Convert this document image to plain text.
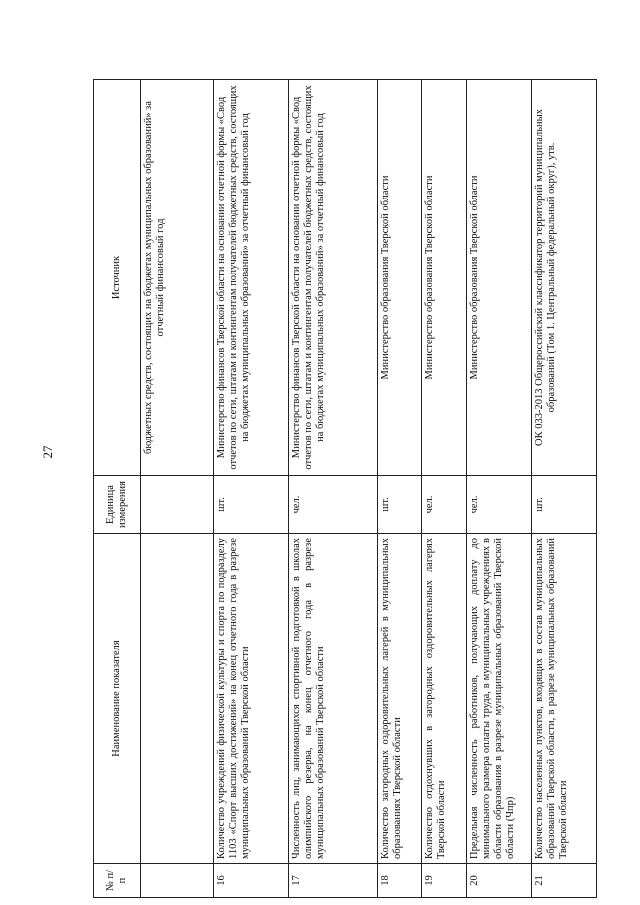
27
№ п/п	Наименование показателя	Единица измерения	Источник
			бюджетных средств, состоящих на бюджетах муниципальных образований» за отчетный финансовый год
16	Количество учреждений физической культуры и спорта по подразделу 1103 «Спорт высших достижений» на конец отчетного года в разрезе муниципальных образований Тверской области	шт.	Министерство финансов Тверской области на основании отчетной формы «Свод отчетов по сети, штатам и контингентам получателей бюджетных средств, состоящих на бюджетах муниципальных образований» за отчетный финансовый год
17	Численность лиц, занимающихся спортивной подготовкой в школах олимпийского резерва, на конец отчетного года в разрезе муниципальных образований Тверской области	чел.	Министерство финансов Тверской области на основании отчетной формы «Свод отчетов по сети, штатам и контингентам получателей бюджетных средств, состоящих на бюджетах муниципальных образований» за отчетный финансовый год
18	Количество загородных оздоровительных лагерей в муниципальных образованиях Тверской области	шт.	Министерство образования Тверской области
19	Количество отдохнувших в загородных оздоровительных лагерях Тверской области	чел.	Министерство образования Тверской области
20	Предельная численность работников, получающих доплату до минимального размера оплаты труда, в муниципальных учреждениях в области образования в разрезе муниципальных образований Тверской области (Чпр)	чел.	Министерство образования Тверской области
21	Количество населенных пунктов, входящих в состав муниципальных образований Тверской области, в разрезе муниципальных образований Тверской области	шт.	ОК 033-2013 Общероссийский классификатор территорий муниципальных образований (Том 1. Центральный федеральный округ), утв.
